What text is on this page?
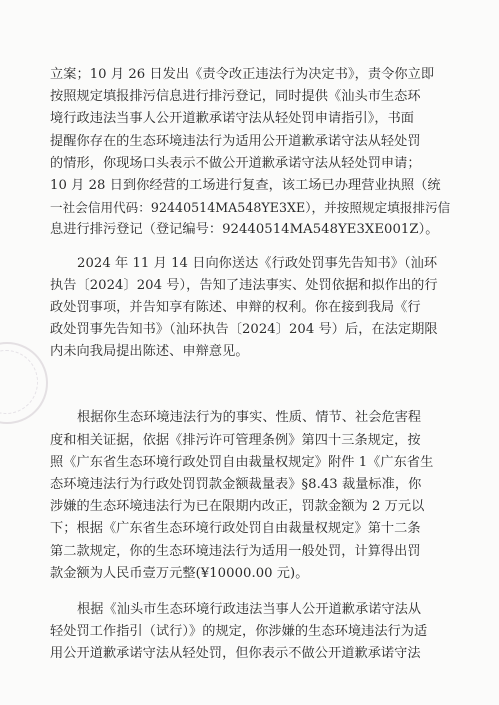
立案；10 月 26 日发出《责令改正违法行为决定书》，责令你立即
按照规定填报排污信息进行排污登记，同时提供《汕头市生态环
境行政违法当事人公开道歉承诺守法从轻处罚申请指引》，书面
提醒你存在的生态环境违法行为适用公开道歉承诺守法从轻处罚
的情形，你现场口头表示不做公开道歉承诺守法从轻处罚申请；
10 月 28 日到你经营的工场进行复查，该工场已办理营业执照（统
一社会信用代码：92440514MA548YE3XE），并按照规定填报排污信
息进行排污登记（登记编号：92440514MA548YE3XE001Z）。
2024 年 11 月 14 日向你送达《行政处罚事先告知书》（汕环
执告〔2024〕204 号），告知了违法事实、处罚依据和拟作出的行
政处罚事项，并告知享有陈述、申辩的权利。你在接到我局《行
政处罚事先告知书》（汕环执告〔2024〕204 号）后，在法定期限
内未向我局提出陈述、申辩意见。
根据你生态环境违法行为的事实、性质、情节、社会危害程
度和相关证据，依据《排污许可管理条例》第四十三条规定，按
照《广东省生态环境行政处罚自由裁量权规定》附件 1《广东省生
态环境违法行为行政处罚罚款金额裁量表》§8.43 裁量标准，你
涉嫌的生态环境违法行为已在限期内改正，罚款金额为 2 万元以
下；根据《广东省生态环境行政处罚自由裁量权规定》第十二条
第二款规定，你的生态环境违法行为适用一般处罚，计算得出罚
款金额为人民币壹万元整(¥10000.00 元)。
根据《汕头市生态环境行政违法当事人公开道歉承诺守法从
轻处罚工作指引（试行）》的规定，你涉嫌的生态环境违法行为适
用公开道歉承诺守法从轻处罚，但你表示不做公开道歉承诺守法
